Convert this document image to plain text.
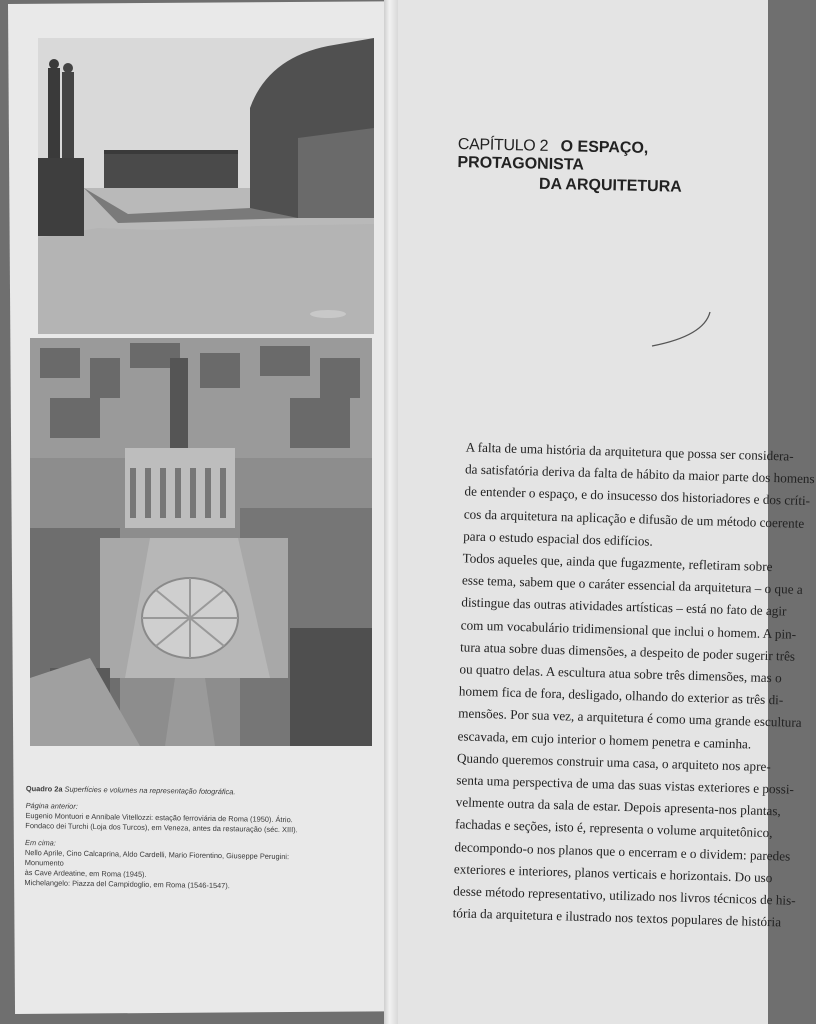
Quadro 2a Superfícies e volumes na representação fotográfica.

Página anterior:
Eugenio Montuori e Annibale Vitellozzi: estação ferroviária de Roma (1950). Átrio.
Fondaco dei Turchi (Loja dos Turcos), em Veneza, antes da restauração (séc. XIII).

Em cima:
Nello Aprile, Cino Calcaprina, Aldo Cardelli, Mario Fiorentino, Giuseppe Perugini: Monumento
às Cave Ardeatine, em Roma (1945).
Michelangelo: Piazza del Campidoglio, em Roma (1546-1547).

CAPÍTULO 2 O ESPAÇO, PROTAGONISTA
DA ARQUITETURA

A falta de uma história da arquitetura que possa ser considera-
da satisfatória deriva da falta de hábito da maior parte dos homens
de entender o espaço, e do insucesso dos historiadores e dos críti-
cos da arquitetura na aplicação e difusão de um método coerente
para o estudo espacial dos edifícios.

Todos aqueles que, ainda que fugazmente, refletiram sobre
esse tema, sabem que o caráter essencial da arquitetura – o que a
distingue das outras atividades artísticas – está no fato de agir
com um vocabulário tridimensional que inclui o homem. A pin-
tura atua sobre duas dimensões, a despeito de poder sugerir três
ou quatro delas. A escultura atua sobre três dimensões, mas o
homem fica de fora, desligado, olhando do exterior as três di-
mensões. Por sua vez, a arquitetura é como uma grande escultura
escavada, em cujo interior o homem penetra e caminha.

Quando queremos construir uma casa, o arquiteto nos apre-
senta uma perspectiva de uma das suas vistas exteriores e possi-
velmente outra da sala de estar. Depois apresenta-nos plantas,
fachadas e seções, isto é, representa o volume arquitetônico,
decompondo-o nos planos que o encerram e o dividem: paredes
exteriores e interiores, planos verticais e horizontais. Do uso
desse método representativo, utilizado nos livros técnicos de his-
tória da arquitetura e ilustrado nos textos populares de história
